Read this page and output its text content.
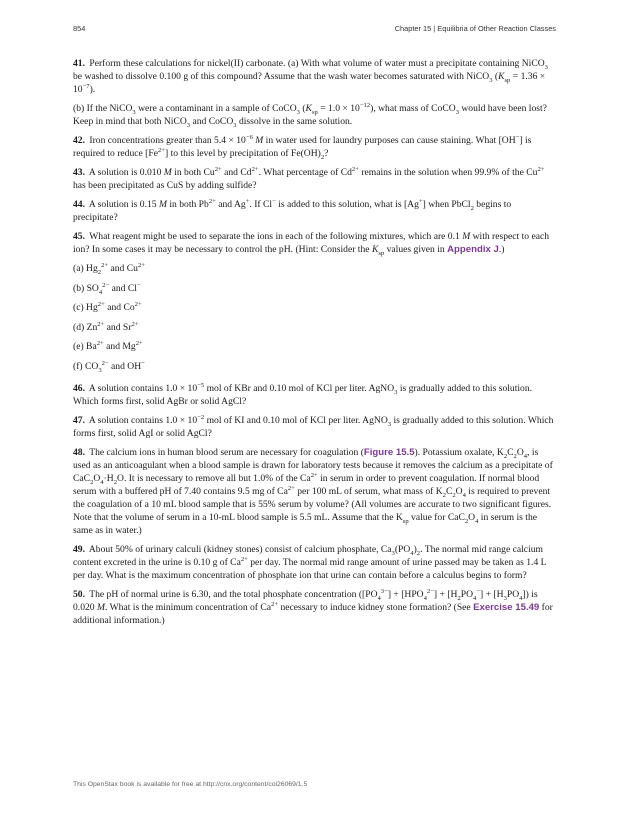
854	Chapter 15 | Equilibria of Other Reaction Classes

41. Perform these calculations for nickel(II) carbonate. (a) With what volume of water must a precipitate containing NiCO$_3$ be washed to dissolve 0.100 g of this compound? Assume that the wash water becomes saturated with NiCO$_3$ $(K_{sp} = 1.36 \times 10^{-7})$.

(b) If the NiCO$_3$ were a contaminant in a sample of CoCO$_3$ $(K_{sp} = 1.0 \times 10^{-12})$, what mass of CoCO$_3$ would have been lost? Keep in mind that both NiCO$_3$ and CoCO$_3$ dissolve in the same solution.

42. Iron concentrations greater than $5.4 \times 10^{-6}$ M in water used for laundry purposes can cause staining. What [OH−] is required to reduce $[Fe^{2+}]$ to this level by precipitation of $Fe(OH)_2$?

43. A solution is 0.010 M in both $Cu^{2+}$ and $Cd^{2+}$. What percentage of $Cd^{2+}$ remains in the solution when 99.9% of the $Cu^{2+}$ has been precipitated as CuS by adding sulfide?

44. A solution is 0.15 M in both $Pb^{2+}$ and Ag+. If Cl− is added to this solution, what is [Ag+] when PbCl$_2$ begins to precipitate?

45. What reagent might be used to separate the ions in each of the following mixtures, which are 0.1 M with respect to each ion? In some cases it may be necessary to control the pH. (Hint: Consider the $K_{sp}$ values given in Appendix J.)

(a) $Hg_2^{2+}$ and $Cu^{2+}$

(b) $SO_4^{2-}$ and Cl−

(c) $Hg^{2+}$ and $Co^{2+}$

(d) $Zn^{2+}$ and $Sr^{2+}$

(e) $Ba^{2+}$ and $Mg^{2+}$

(f) $CO_3^{2-}$ and OH−

46. A solution contains $1.0 \times 10^{-5}$ mol of KBr and 0.10 mol of KCl per liter. AgNO$_3$ is gradually added to this solution. Which forms first, solid AgBr or solid AgCl?

47. A solution contains $1.0 \times 10^{-2}$ mol of KI and 0.10 mol of KCl per liter. AgNO$_3$ is gradually added to this solution. Which forms first, solid AgI or solid AgCl?

48. The calcium ions in human blood serum are necessary for coagulation (Figure 15.5). Potassium oxalate, $K_2C_2O_4$, is used as an anticoagulant when a blood sample is drawn for laboratory tests because it removes the calcium as a precipitate of $CaC_2O_4\cdot H_2O$. It is necessary to remove all but 1.0% of the $Ca^{2+}$ in serum in order to prevent coagulation. If normal blood serum with a buffered pH of 7.40 contains 9.5 mg of $Ca^{2+}$ per 100 mL of serum, what mass of $K_2C_2O_4$ is required to prevent the coagulation of a 10 mL blood sample that is 55% serum by volume? (All volumes are accurate to two significant figures. Note that the volume of serum in a 10-mL blood sample is 5.5 mL. Assume that the $K_{sp}$ value for $CaC_2O_4$ in serum is the same as in water.)

49. About 50% of urinary calculi (kidney stones) consist of calcium phosphate, $Ca_3(PO_4)_2$. The normal mid range calcium content excreted in the urine is 0.10 g of $Ca^{2+}$ per day. The normal mid range amount of urine passed may be taken as 1.4 L per day. What is the maximum concentration of phosphate ion that urine can contain before a calculus begins to form?

50. The pH of normal urine is 6.30, and the total phosphate concentration $([PO_4^{3-}] + [HPO_4^{2-}] + [H_2PO_4^-] + [H_3PO_4])$ is 0.020 M. What is the minimum concentration of $Ca^{2+}$ necessary to induce kidney stone formation? (See Exercise 15.49 for additional information.)

This OpenStax book is available for free at http://cnx.org/content/col26069/1.5
